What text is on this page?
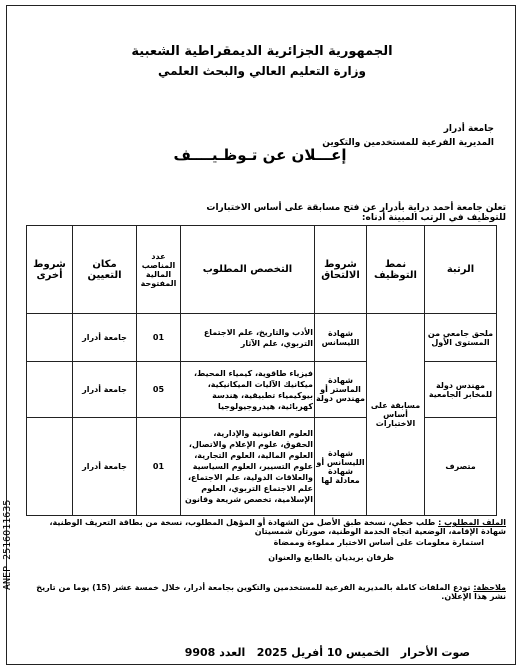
الجمهورية الجزائرية الديمقراطية الشعبية
وزارة التعليم العالي والبحث العلمي
جامعة أدرار
المديرية الفرعية للمستخدمين والتكوين
إعـــلان عن تـوظـيــــف
تعلن جامعة أحمد دراية بأدرار عن فتح مسابقة على أساس الاختبارات للتوظيف في الرتب المبينة أدناه:
الرتبة	نمط التوظيف	شروط الالتحاق	التخصص المطلوب	عدد المناصب المالية المفتوحة	مكان التعيين	شروط أخرى
ملحق جامعي من المستوى الأول	مسابقة على أساس الاختبارات	شهادة الليسانس	الأدب والتاريخ، علم الاجتماع التربوي، علم الآثار	01	جامعة أدرار	
مهندس دولة للمخابر الجامعية		شهادة الماستر أو مهندس دولة	فيزياء طاقوية، كيمياء المحيط، ميكانيك الآليات الميكانيكية، بيوكيمياء تطبيقية، هندسة كهربائية، هيدروجيولوجيا	05	جامعة أدرار	
متصرف		شهادة الليسانس أو شهادة معادلة لها	العلوم القانونية والإدارية، الحقوق، علوم الإعلام والاتصال، العلوم المالية، العلوم التجارية، علوم التسيير، العلوم السياسية والعلاقات الدولية، علم الاجتماع، علم الاجتماع التربوي، العلوم الإسلامية، تخصص شريعة وقانون	01	جامعة أدرار	
ANEP 2516011635	الملف المطلوب : طلب خطي، نسخة طبق الأصل من الشهادة أو المؤهل المطلوب، نسخة من بطاقة التعريف الوطنية، شهادة الإقامة، الوضعية اتجاه الخدمة الوطنية، صورتان شمسيتان
استمارة معلومات على أساس الاختبار مملوءة وممضاة
ظرفان بريديان بالطابع والعنوان
ملاحظة: تودع الملفات كاملة بالمديرية الفرعية للمستخدمين والتكوين بجامعة أدرار، خلال خمسة عشر (15) يوما من تاريخ نشر هذا الإعلان.
صوت الأحرار   الخميس 10 أفريل 2025   العدد 9908
